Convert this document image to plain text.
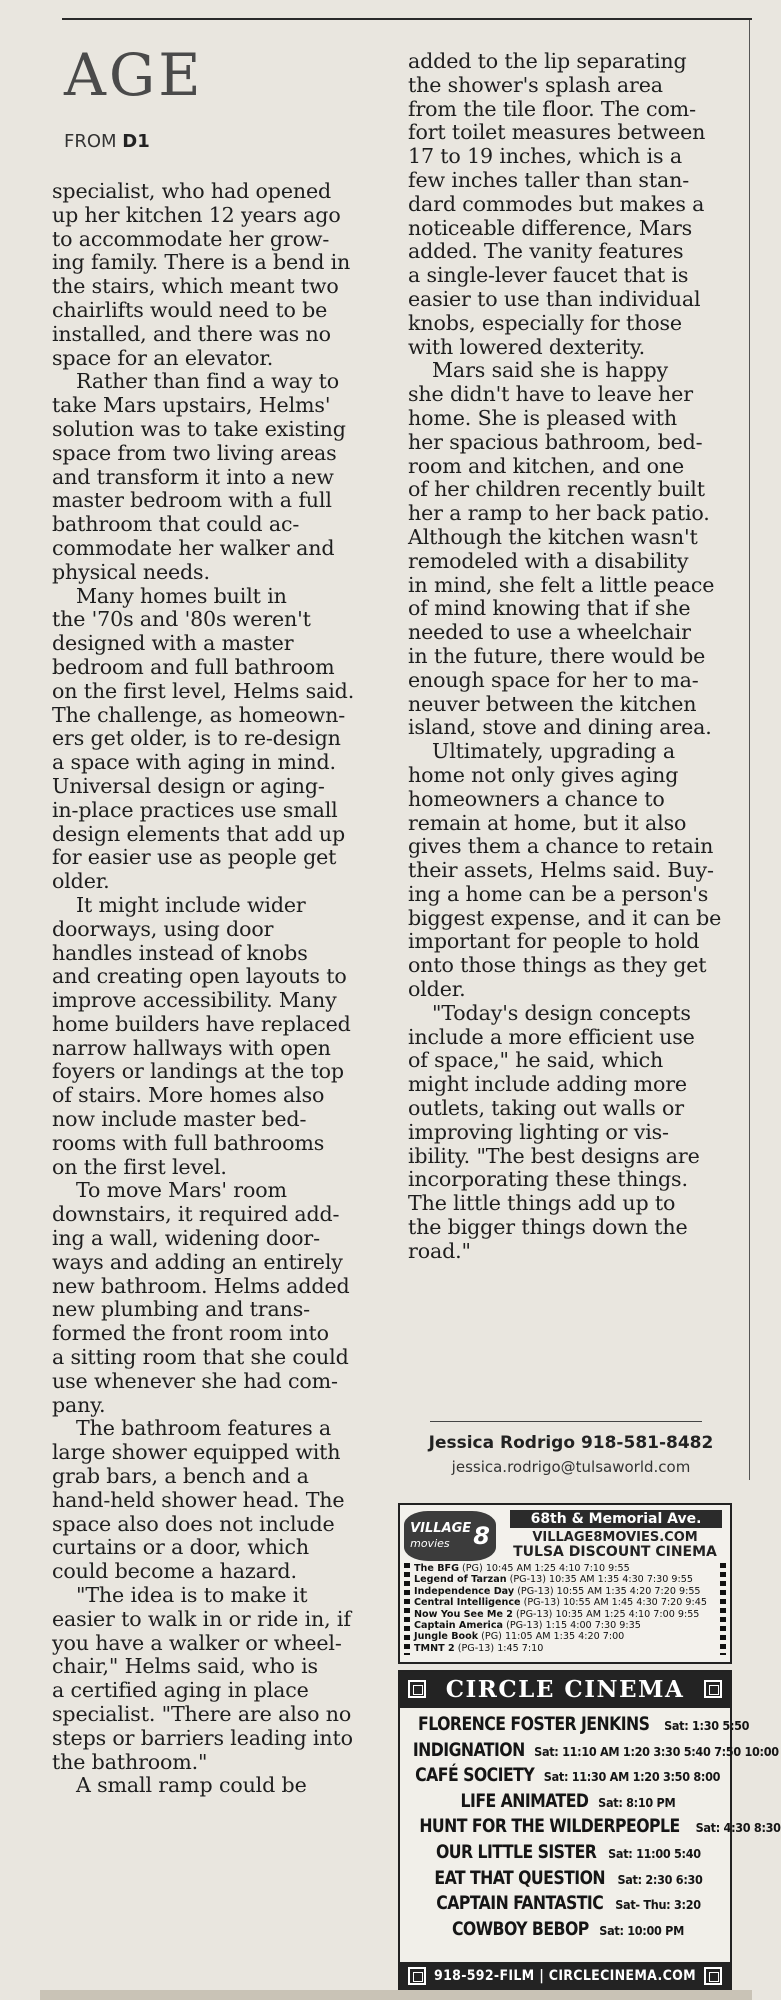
AGE
FROM D1

specialist, who had opened
up her kitchen 12 years ago
to accommodate her grow-
ing family. There is a bend in
the stairs, which meant two
chairlifts would need to be
installed, and there was no
space for an elevator.

Rather than find a way to
take Mars upstairs, Helms'
solution was to take existing
space from two living areas
and transform it into a new
master bedroom with a full
bathroom that could ac-
commodate her walker and
physical needs.

Many homes built in
the '70s and '80s weren't
designed with a master
bedroom and full bathroom
on the first level, Helms said.
The challenge, as homeown-
ers get older, is to re-design
a space with aging in mind.
Universal design or aging-
in-place practices use small
design elements that add up
for easier use as people get
older.

It might include wider
doorways, using door
handles instead of knobs
and creating open layouts to
improve accessibility. Many
home builders have replaced
narrow hallways with open
foyers or landings at the top
of stairs. More homes also
now include master bed-
rooms with full bathrooms
on the first level.

To move Mars' room
downstairs, it required add-
ing a wall, widening door-
ways and adding an entirely
new bathroom. Helms added
new plumbing and trans-
formed the front room into
a sitting room that she could
use whenever she had com-
pany.

The bathroom features a
large shower equipped with
grab bars, a bench and a
hand-held shower head. The
space also does not include
curtains or a door, which
could become a hazard.

"The idea is to make it
easier to walk in or ride in, if
you have a walker or wheel-
chair," Helms said, who is
a certified aging in place
specialist. "There are also no
steps or barriers leading into
the bathroom."

A small ramp could be

added to the lip separating
the shower's splash area
from the tile floor. The com-
fort toilet measures between
17 to 19 inches, which is a
few inches taller than stan-
dard commodes but makes a
noticeable difference, Mars
added. The vanity features
a single-lever faucet that is
easier to use than individual
knobs, especially for those
with lowered dexterity.

Mars said she is happy
she didn't have to leave her
home. She is pleased with
her spacious bathroom, bed-
room and kitchen, and one
of her children recently built
her a ramp to her back patio.
Although the kitchen wasn't
remodeled with a disability
in mind, she felt a little peace
of mind knowing that if she
needed to use a wheelchair
in the future, there would be
enough space for her to ma-
neuver between the kitchen
island, stove and dining area.

Ultimately, upgrading a
home not only gives aging
homeowners a chance to
remain at home, but it also
gives them a chance to retain
their assets, Helms said. Buy-
ing a home can be a person's
biggest expense, and it can be
important for people to hold
onto those things as they get
older.

"Today's design concepts
include a more efficient use
of space," he said, which
might include adding more
outlets, taking out walls or
improving lighting or vis-
ibility. "The best designs are
incorporating these things.
The little things add up to
the bigger things down the
road."

Jessica Rodrigo 918-581-8482
jessica.rodrigo@tulsaworld.com
VILLAGE
movies 8
68th & Memorial Ave.
VILLAGE8MOVIES.COM
TULSA DISCOUNT CINEMA
The BFG (PG) 10:45 AM 1:25 4:10 7:10 9:55
Legend of Tarzan (PG-13) 10:35 AM 1:35 4:30 7:30 9:55
Independence Day (PG-13) 10:55 AM 1:35 4:20 7:20 9:55
Central Intelligence (PG-13) 10:55 AM 1:45 4:30 7:20 9:45
Now You See Me 2 (PG-13) 10:35 AM 1:25 4:10 7:00 9:55
Captain America (PG-13) 1:15 4:00 7:30 9:35
Jungle Book (PG) 11:05 AM 1:35 4:20 7:00
TMNT 2 (PG-13) 1:45 7:10
CIRCLE CINEMA
FLORENCE FOSTER JENKINS Sat: 1:30 5:50
INDIGNATION Sat: 11:10 AM 1:20 3:30 5:40 7:50 10:00
CAFÉ SOCIETY Sat: 11:30 AM 1:20 3:50 8:00
LIFE ANIMATED Sat: 8:10 PM
HUNT FOR THE WILDERPEOPLE Sat: 4:30 8:30
OUR LITTLE SISTER Sat: 11:00 5:40
EAT THAT QUESTION Sat: 2:30 6:30
CAPTAIN FANTASTIC Sat- Thu: 3:20
COWBOY BEBOP Sat: 10:00 PM
918-592-FILM | CIRCLECINEMA.COM
